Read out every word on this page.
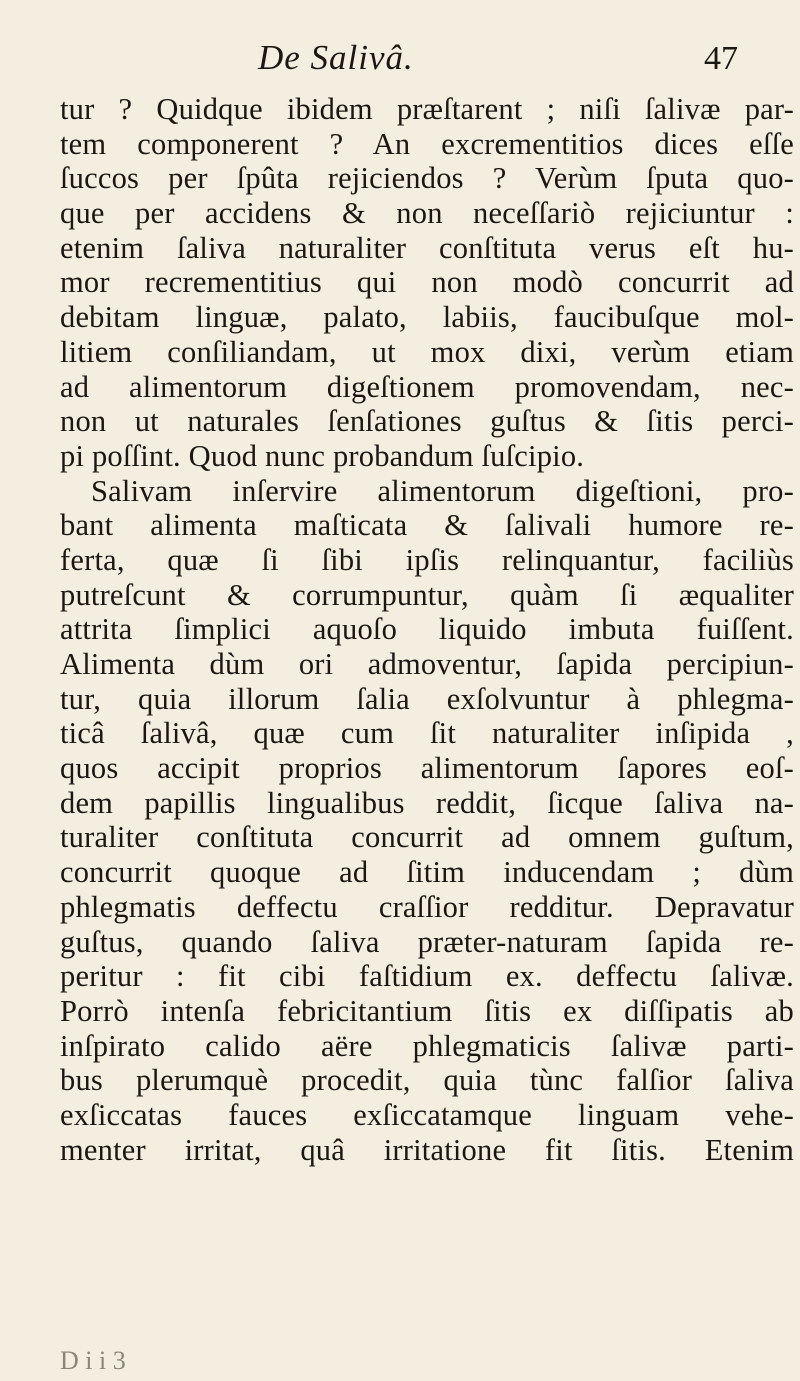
De Salivâ.	47
tur ? Quidque ibidem præſtarent ; niſi ſalivæ par-
tem componerent ? An excrementitios dices eſſe
ſuccos per ſpûta rejiciendos ? Verùm ſputa quo-
que per accidens & non neceſſariò rejiciuntur :
etenim ſaliva naturaliter conſtituta verus eſt hu-
mor recrementitius qui non modò concurrit ad
debitam linguæ, palato, labiis, faucibuſque mol-
litiem conſiliandam, ut mox dixi, verùm etiam
ad alimentorum digeſtionem promovendam, nec-
non ut naturales ſenſationes guſtus & ſitis perci-
pi poſſint. Quod nunc probandum ſuſcipio.
Salivam inſervire alimentorum digeſtioni, pro-
bant alimenta maſticata & ſalivali humore re-
ferta, quæ ſi ſibi ipſis relinquantur, faciliùs
putreſcunt & corrumpuntur, quàm ſi æqualiter
attrita ſimplici aquoſo liquido imbuta fuiſſent.
Alimenta dùm ori admoventur, ſapida percipiun-
tur, quia illorum ſalia exſolvuntur à phlegma-
ticâ ſalivâ, quæ cum ſit naturaliter inſipida ,
quos accipit proprios alimentorum ſapores eoſ-
dem papillis lingualibus reddit, ſicque ſaliva na-
turaliter conſtituta concurrit ad omnem guſtum,
concurrit quoque ad ſitim inducendam ; dùm
phlegmatis deffectu craſſior redditur. Depravatur
guſtus, quando ſaliva præter-naturam ſapida re-
peritur : fit cibi faſtidium ex. deffectu ſalivæ.
Porrò intenſa febricitantium ſitis ex diſſipatis ab
inſpirato calido aëre phlegmaticis ſalivæ parti-
bus plerumquè procedit, quia tùnc falſior ſaliva
exſiccatas fauces exſiccatamque linguam vehe-
menter irritat, quâ irritatione fit ſitis. Etenim
D i i 3
